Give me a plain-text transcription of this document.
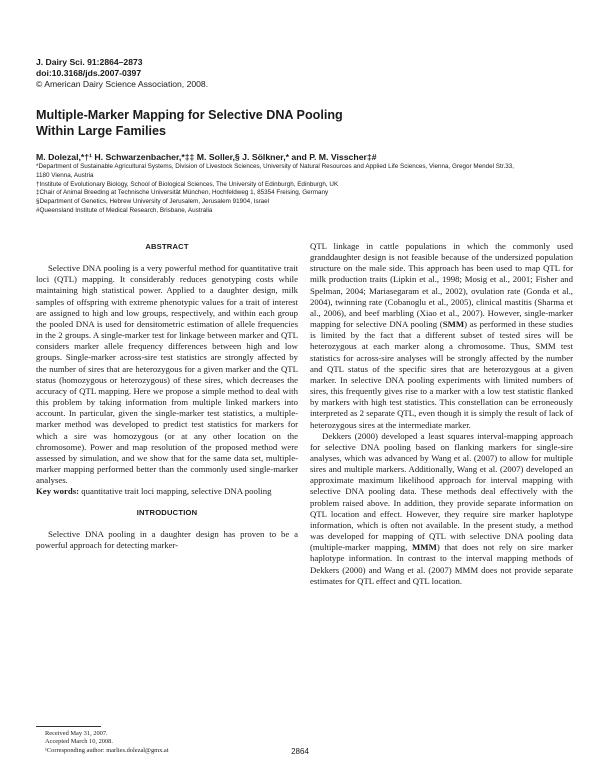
J. Dairy Sci. 91:2864–2873
doi:10.3168/jds.2007-0397
© American Dairy Science Association, 2008.
Multiple-Marker Mapping for Selective DNA Pooling
Within Large Families
M. Dolezal,*†¹ H. Schwarzenbacher,*‡‡ M. Soller,§ J. Sölkner,* and P. M. Visscher‡#
*Department of Sustainable Agricultural Systems, Division of Livestock Sciences, University of Natural Resources and Applied Life Sciences, Vienna, Gregor Mendel Str.33,
1180 Vienna, Austria
†Institute of Evolutionary Biology, School of Biological Sciences, The University of Edinburgh, Edinburgh, UK
‡Chair of Animal Breeding at Technische Universität München, Hochfeldweg 1, 85354 Freising, Germany
§Department of Genetics, Hebrew University of Jerusalem, Jerusalem 91904, Israel
#Queensland Institute of Medical Research, Brisbane, Australia
ABSTRACT

Selective DNA pooling is a very powerful method for quantitative trait loci (QTL) mapping. It considerably reduces genotyping costs while maintaining high statistical power. Applied to a daughter design, milk samples of offspring with extreme phenotypic values for a trait of interest are assigned to high and low groups, respectively, and within each group the pooled DNA is used for densitometric estimation of allele frequencies in the 2 groups. A single-marker test for linkage between marker and QTL considers marker allele frequency differences between high and low groups. Single-marker across-sire test statistics are strongly affected by the number of sires that are heterozygous for a given marker and the QTL status (homozygous or heterozygous) of these sires, which decreases the accuracy of QTL mapping. Here we propose a simple method to deal with this problem by taking information from multiple linked markers into account. In particular, given the single-marker test statistics, a multiple-marker method was developed to predict test statistics for markers for which a sire was homozygous (or at any other location on the chromosome). Power and map resolution of the proposed method were assessed by simulation, and we show that for the same data set, multiple-marker mapping performed better than the commonly used single-marker analyses.

Key words: quantitative trait loci mapping, selective DNA pooling

INTRODUCTION

Selective DNA pooling in a daughter design has proven to be a powerful approach for detecting marker-

QTL linkage in cattle populations in which the commonly used granddaughter design is not feasible because of the undersized population structure on the male side. This approach has been used to map QTL for milk production traits (Lipkin et al., 1998; Mosig et al., 2001; Fisher and Spelman, 2004; Mariasegaram et al., 2002), ovulation rate (Gonda et al., 2004), twinning rate (Cobanoglu et al., 2005), clinical mastitis (Sharma et al., 2006), and beef marbling (Xiao et al., 2007). However, single-marker mapping for selective DNA pooling (SMM) as performed in these studies is limited by the fact that a different subset of tested sires will be heterozygous at each marker along a chromosome. Thus, SMM test statistics for across-sire analyses will be strongly affected by the number and QTL status of the specific sires that are heterozygous at a given marker. In selective DNA pooling experiments with limited numbers of sires, this frequently gives rise to a marker with a low test statistic flanked by markers with high test statistics. This constellation can be erroneously interpreted as 2 separate QTL, even though it is simply the result of lack of heterozygous sires at the intermediate marker.

Dekkers (2000) developed a least squares interval-mapping approach for selective DNA pooling based on flanking markers for single-sire analyses, which was advanced by Wang et al. (2007) to allow for multiple sires and multiple markers. Additionally, Wang et al. (2007) developed an approximate maximum likelihood approach for interval mapping with selective DNA pooling data. These methods deal effectively with the problem raised above. In addition, they provide separate information on QTL location and effect. However, they require sire marker haplotype information, which is often not available. In the present study, a method was developed for mapping of QTL with selective DNA pooling data (multiple-marker mapping, MMM) that does not rely on sire marker haplotype information. In contrast to the interval mapping methods of Dekkers (2000) and Wang et al. (2007) MMM does not provide separate estimates for QTL effect and QTL location.

Received May 31, 2007.
Accepted March 10, 2008.
¹Corresponding author: marlies.dolezal@gmx.at	2864
